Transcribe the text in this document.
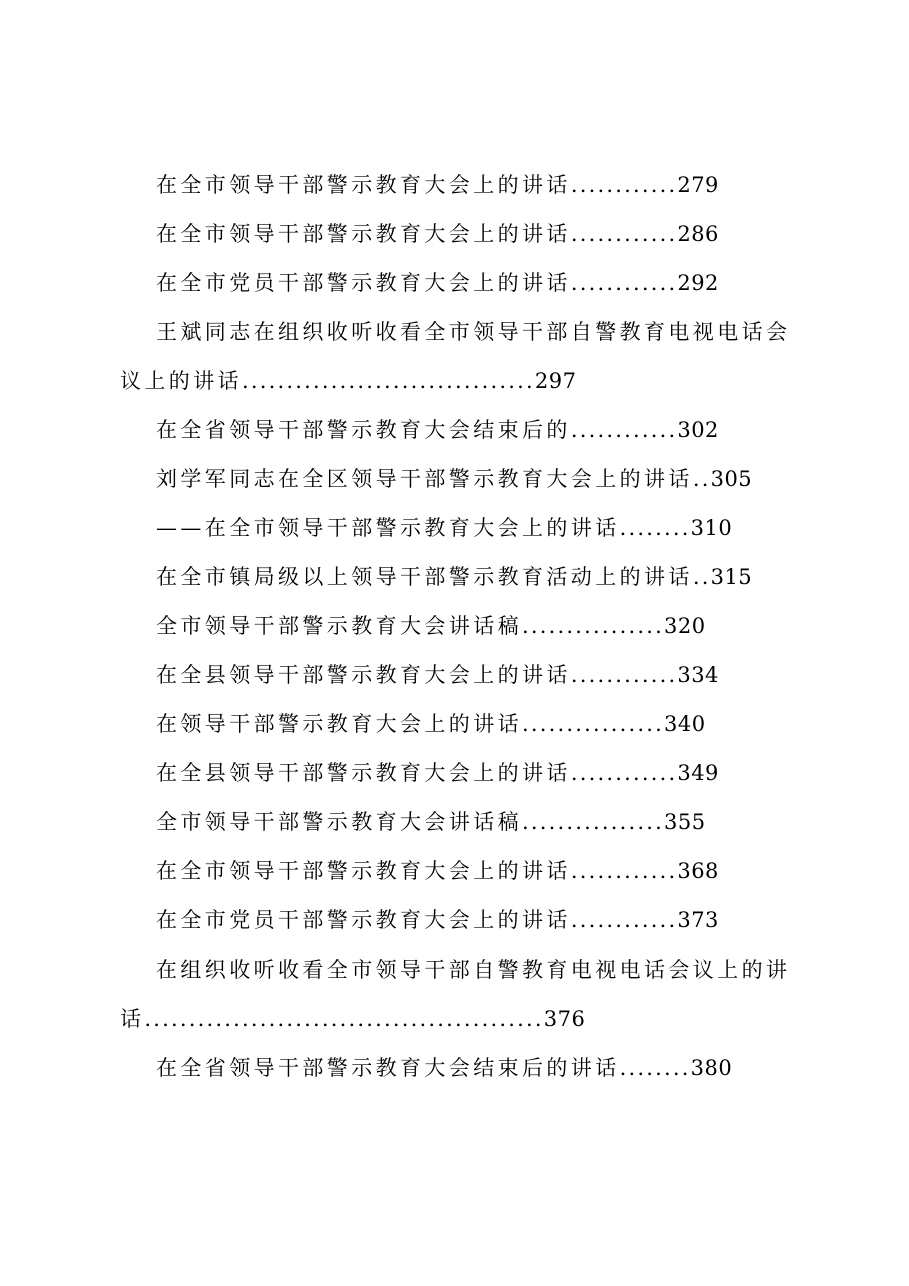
在全市领导干部警示教育大会上的讲话............279
在全市领导干部警示教育大会上的讲话............286
在全市党员干部警示教育大会上的讲话............292
王斌同志在组织收听收看全市领导干部自警教育电视电话会
议上的讲话.................................297
在全省领导干部警示教育大会结束后的............302
刘学军同志在全区领导干部警示教育大会上的讲话..305
——在全市领导干部警示教育大会上的讲话........310
在全市镇局级以上领导干部警示教育活动上的讲话..315
全市领导干部警示教育大会讲话稿................320
在全县领导干部警示教育大会上的讲话............334
在领导干部警示教育大会上的讲话................340
在全县领导干部警示教育大会上的讲话............349
全市领导干部警示教育大会讲话稿................355
在全市领导干部警示教育大会上的讲话............368
在全市党员干部警示教育大会上的讲话............373
在组织收听收看全市领导干部自警教育电视电话会议上的讲
话.............................................376
在全省领导干部警示教育大会结束后的讲话........380
